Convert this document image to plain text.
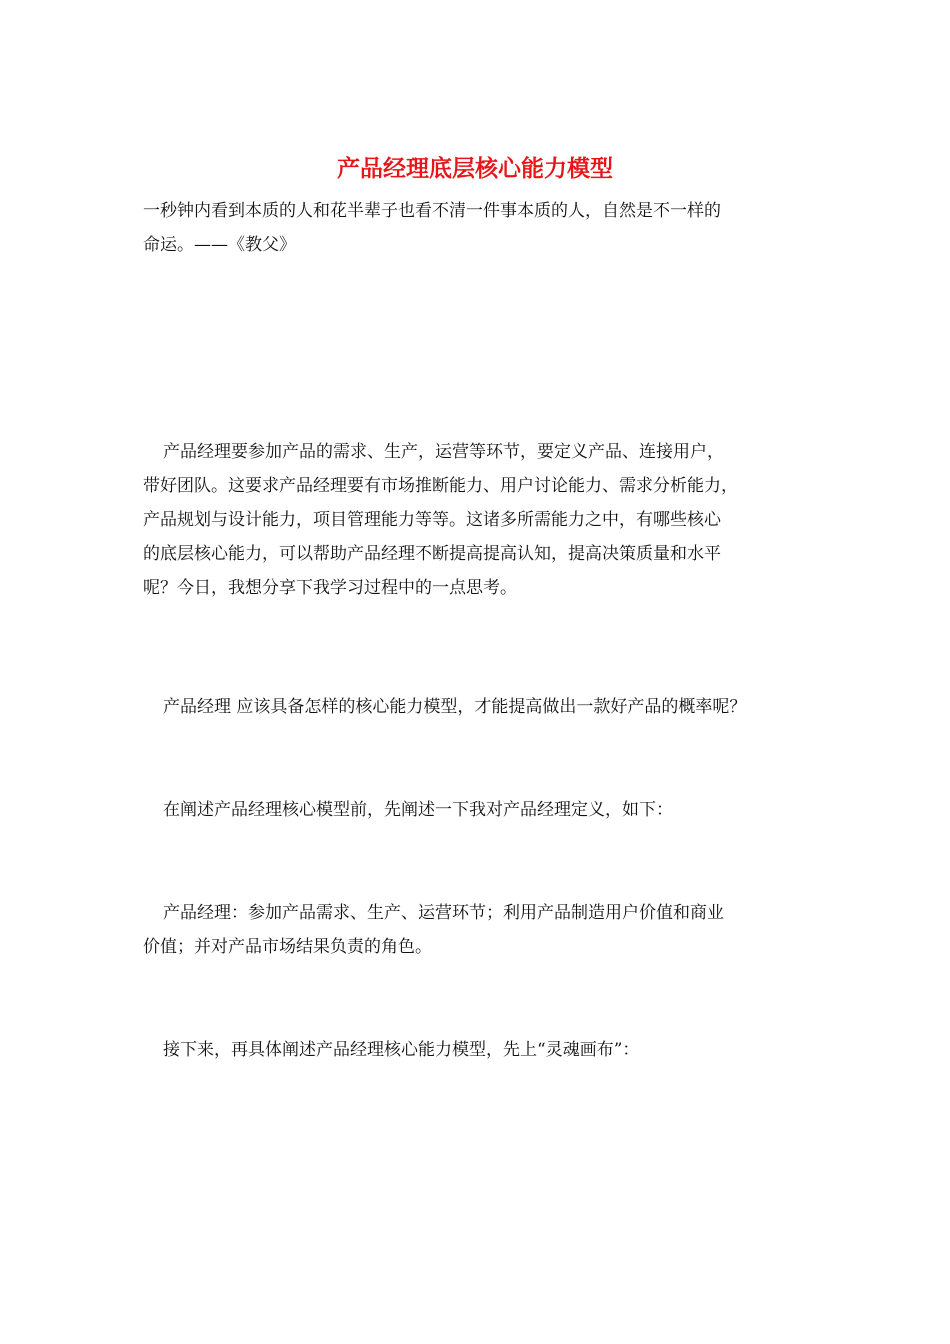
产品经理底层核心能力模型
一秒钟内看到本质的人和花半辈子也看不清一件事本质的人，自然是不一样的
命运。——《教父》
产品经理要参加产品的需求、生产，运营等环节，要定义产品、连接用户，
带好团队。这要求产品经理要有市场推断能力、用户讨论能力、需求分析能力，
产品规划与设计能力，项目管理能力等等。这诸多所需能力之中，有哪些核心
的底层核心能力，可以帮助产品经理不断提高提高认知，提高决策质量和水平
呢？今日，我想分享下我学习过程中的一点思考。
产品经理 应该具备怎样的核心能力模型，才能提高做出一款好产品的概率呢？
在阐述产品经理核心模型前，先阐述一下我对产品经理定义，如下：
产品经理：参加产品需求、生产、运营环节；利用产品制造用户价值和商业
价值；并对产品市场结果负责的角色。
接下来，再具体阐述产品经理核心能力模型，先上“灵魂画布”：
